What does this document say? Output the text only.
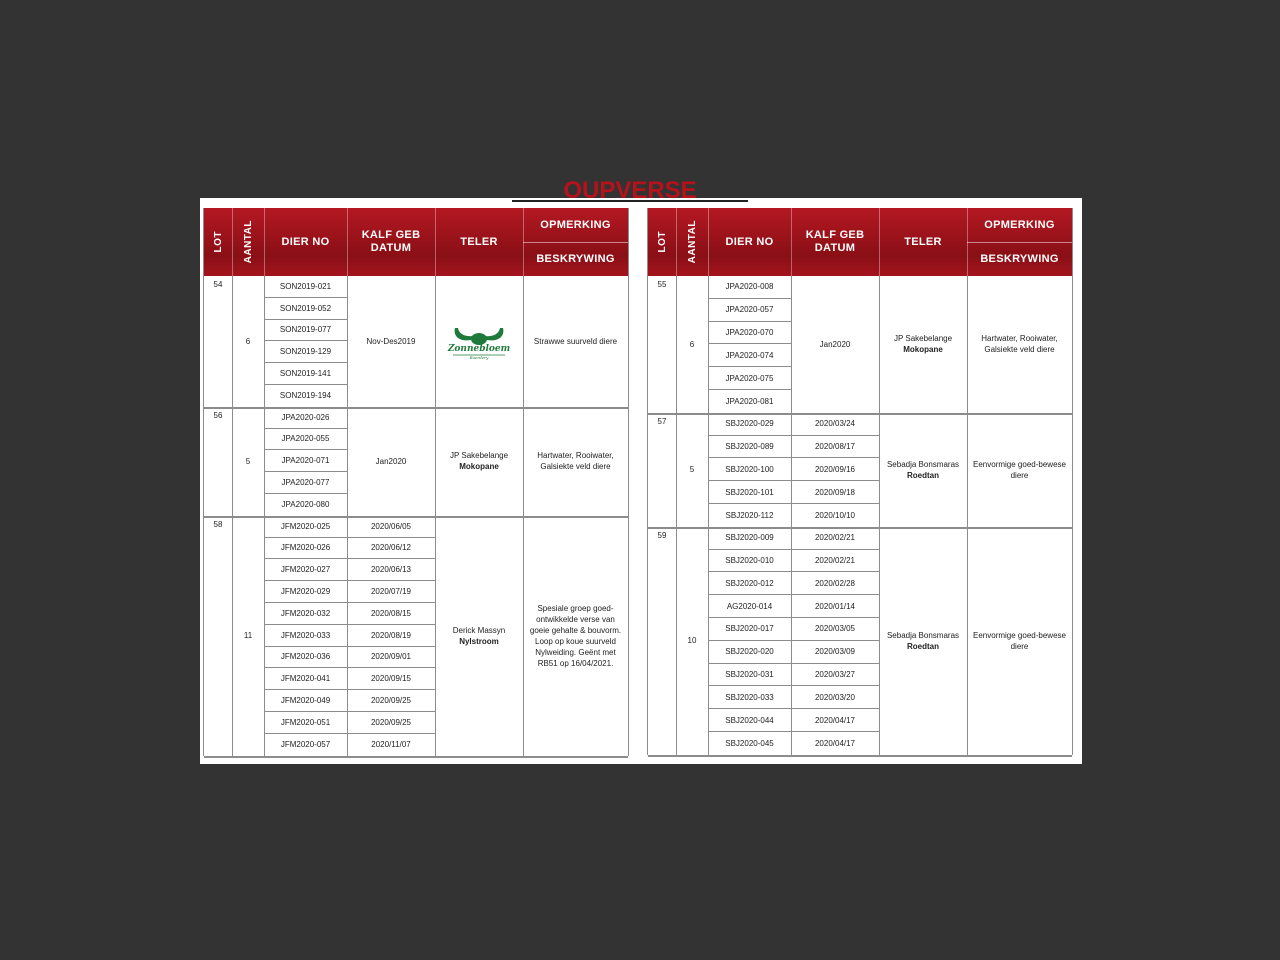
OUPVERSE
LOT AANTAL	DIER NO
KALF GEB
DATUM
TELER
OPMERKING
BESKRYWING
54
6
SON2019-021
SON2019-052
SON2019-077
SON2019-129
SON2019-141
SON2019-194
Nov-Des2019
Zonnebloem
Boerdery
Strawwe suurveld diere
56
5
JPA2020-026
JPA2020-055
JPA2020-071
JPA2020-077
JPA2020-080
Jan2020
JP Sakebelange
Mokopane
Hartwater, Rooiwater, Galsiekte veld diere
58
11
JFM2020-025
JFM2020-026
JFM2020-027
JFM2020-029
JFM2020-032
JFM2020-033
JFM2020-036
JFM2020-041
JFM2020-049
JFM2020-051
JFM2020-057
2020/06/05
2020/06/12
2020/06/13
2020/07/19
2020/08/15
2020/08/19
2020/09/01
2020/09/15
2020/09/25
2020/09/25
2020/11/07
Derick Massyn
Nylstroom
Spesiale groep goed-ontwikkelde verse van goeie gehalte & bouvorm. Loop op koue suurveld Nylweiding. Geënt met RB51 op 16/04/2021.
LOT AANTAL	DIER NO
KALF GEB
DATUM
TELER
OPMERKING
BESKRYWING
55
6
JPA2020-008
JPA2020-057
JPA2020-070
JPA2020-074
JPA2020-075
JPA2020-081
Jan2020
JP Sakebelange
Mokopane
Hartwater, Rooiwater, Galsiekte veld diere
57
5
SBJ2020-029
SBJ2020-089
SBJ2020-100
SBJ2020-101
SBJ2020-112
2020/03/24
2020/08/17
2020/09/16
2020/09/18
2020/10/10
Sebadja Bonsmaras
Roedtan
Eenvormige goed-bewese diere
59
10
SBJ2020-009
SBJ2020-010
SBJ2020-012
AG2020-014
SBJ2020-017
SBJ2020-020
SBJ2020-031
SBJ2020-033
SBJ2020-044
SBJ2020-045
2020/02/21
2020/02/21
2020/02/28
2020/01/14
2020/03/05
2020/03/09
2020/03/27
2020/03/20
2020/04/17
2020/04/17
Sebadja Bonsmaras
Roedtan
Eenvormige goed-bewese diere
